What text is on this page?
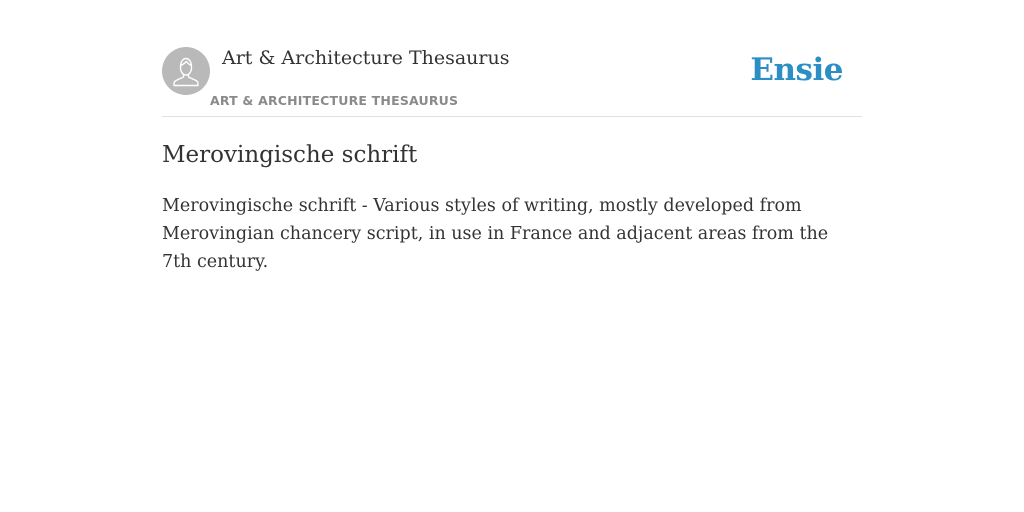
Art & Architecture Thesaurus
ART & ARCHITECTURE THESAURUS
Ensie
Merovingische schrift

Merovingische schrift - Various styles of writing, mostly developed from Merovingian chancery script, in use in France and adjacent areas from the 7th century.
